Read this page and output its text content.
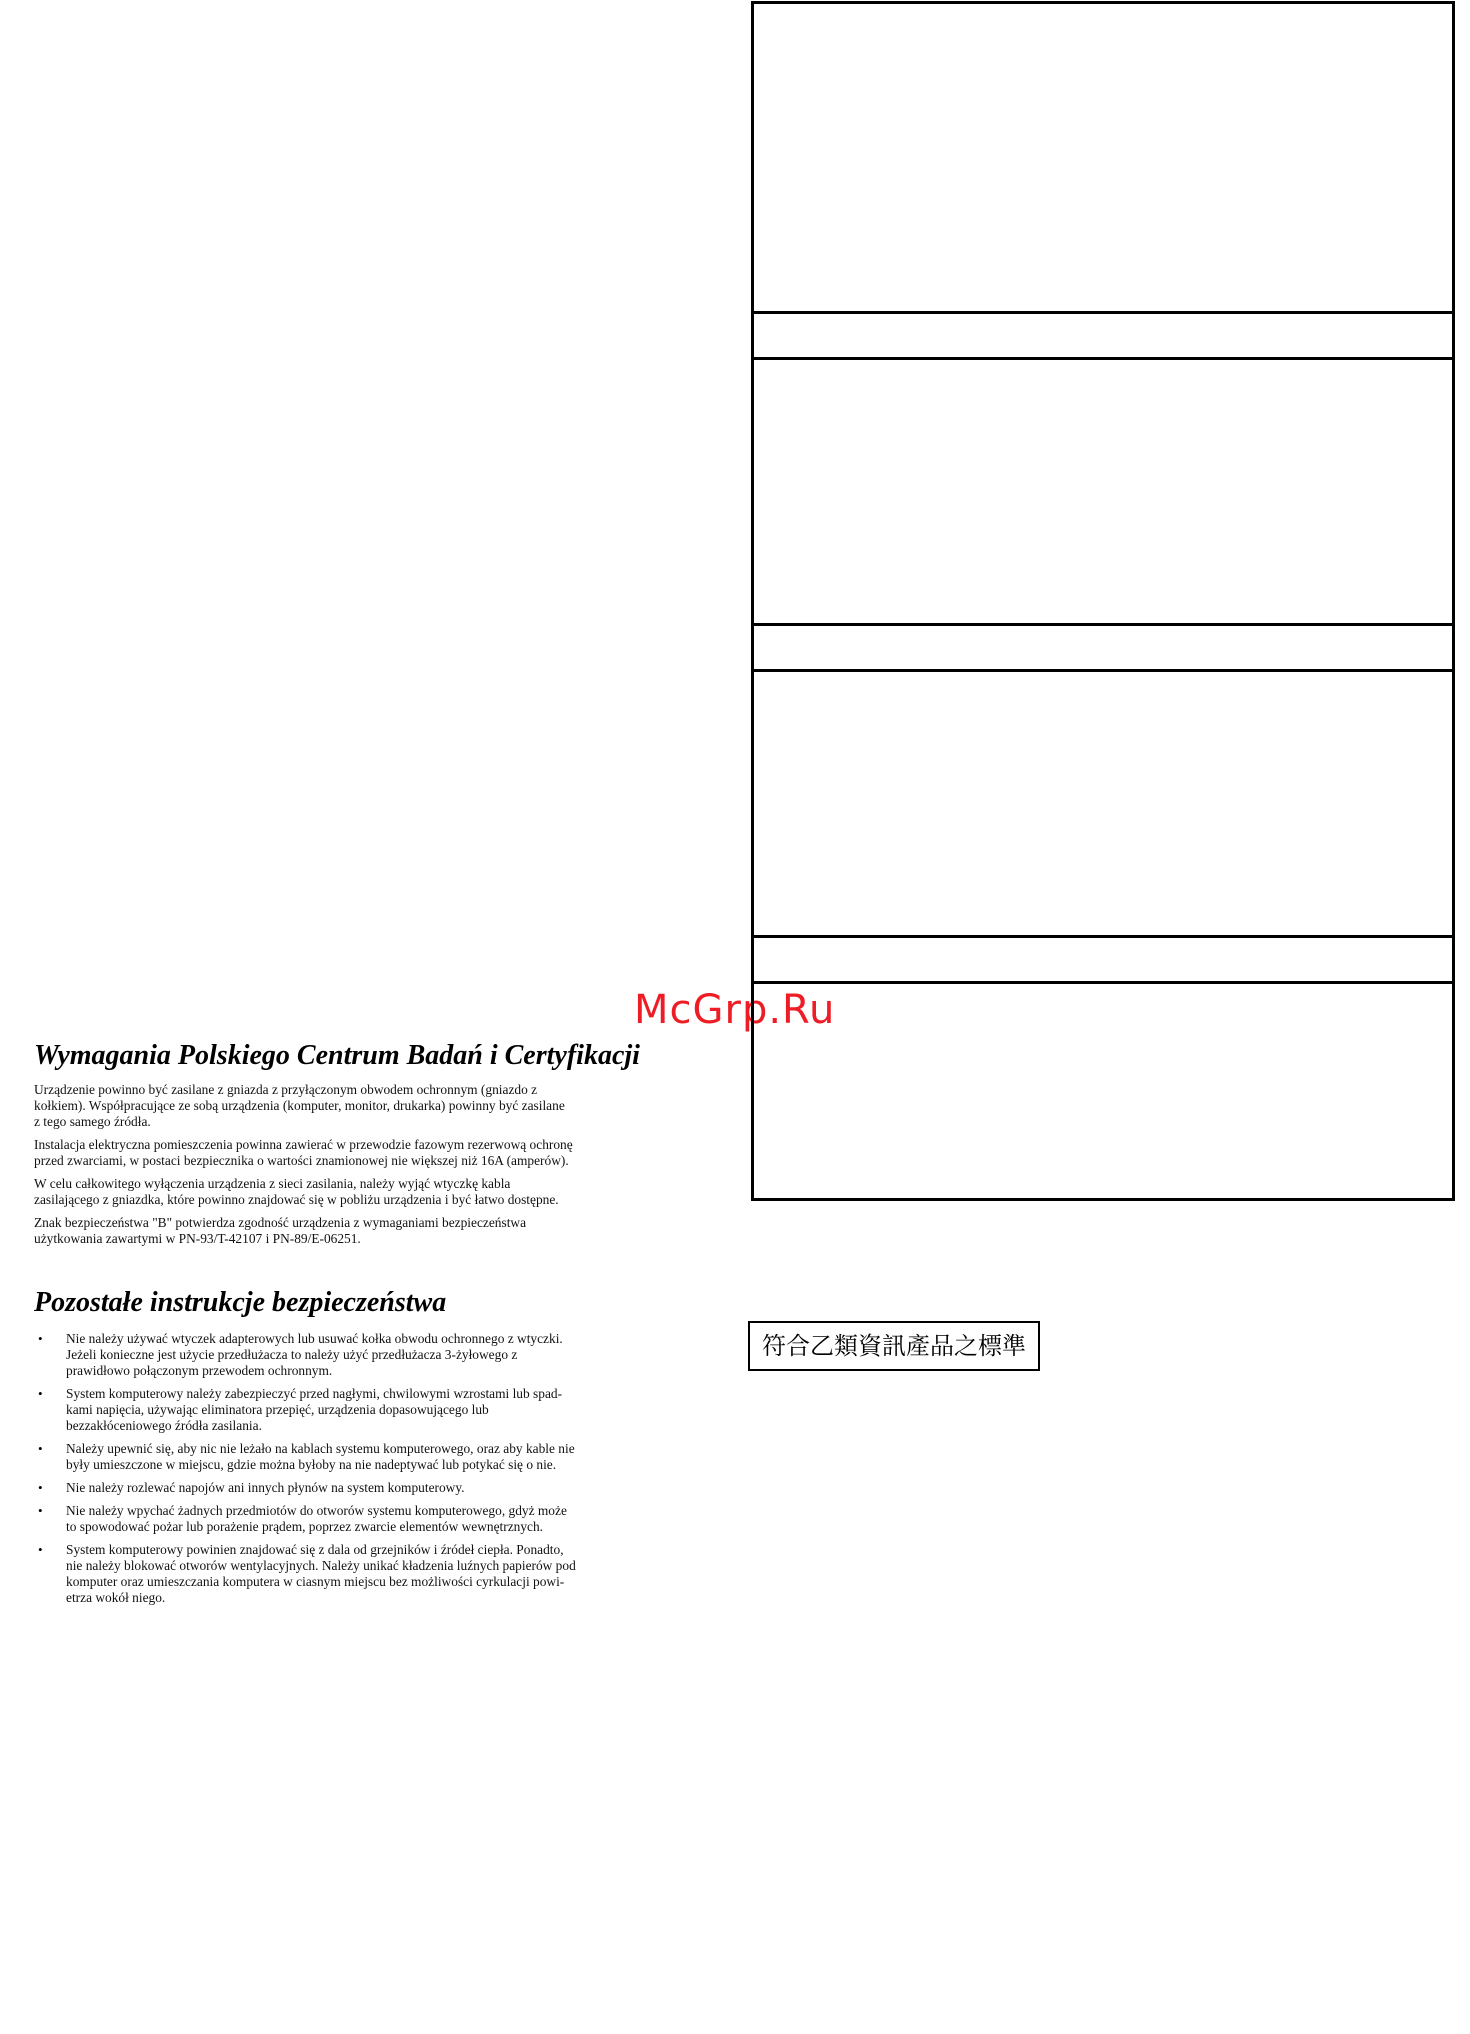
McGrp.Ru
Wymagania Polskiego Centrum Badań i Certyfikacji

Urządzenie powinno być zasilane z gniazda z przyłączonym obwodem ochronnym (gniazdo z
kołkiem). Współpracujące ze sobą urządzenia (komputer, monitor, drukarka) powinny być zasilane
z tego samego źródła.

Instalacja elektryczna pomieszczenia powinna zawierać w przewodzie fazowym rezerwową ochronę
przed zwarciami, w postaci bezpiecznika o wartości znamionowej nie większej niż 16A (amperów).

W celu całkowitego wyłączenia urządzenia z sieci zasilania, należy wyjąć wtyczkę kabla
zasilającego z gniazdka, które powinno znajdować się w pobliżu urządzenia i być łatwo dostępne.

Znak bezpieczeństwa "B" potwierdza zgodność urządzenia z wymaganiami bezpieczeństwa
użytkowania zawartymi w PN-93/T-42107 i PN-89/E-06251.

Pozostałe instrukcje bezpieczeństwa
• Nie należy używać wtyczek adapterowych lub usuwać kołka obwodu ochronnego z wtyczki.
Jeżeli konieczne jest użycie przedłużacza to należy użyć przedłużacza 3-żyłowego z
prawidłowo połączonym przewodem ochronnym.

• System komputerowy należy zabezpieczyć przed nagłymi, chwilowymi wzrostami lub spad-
kami napięcia, używając eliminatora przepięć, urządzenia dopasowującego lub
bezzakłóceniowego źródła zasilania.

• Należy upewnić się, aby nic nie leżało na kablach systemu komputerowego, oraz aby kable nie
były umieszczone w miejscu, gdzie można byłoby na nie nadeptywać lub potykać się o nie.

• Nie należy rozlewać napojów ani innych płynów na system komputerowy.

• Nie należy wpychać żadnych przedmiotów do otworów systemu komputerowego, gdyż może
to spowodować pożar lub porażenie prądem, poprzez zwarcie elementów wewnętrznych.

• System komputerowy powinien znajdować się z dala od grzejników i źródeł ciepła. Ponadto,
nie należy blokować otworów wentylacyjnych. Należy unikać kładzenia luźnych papierów pod
komputer oraz umieszczania komputera w ciasnym miejscu bez możliwości cyrkulacji powi-
etrza wokół niego.

符合乙類資訊產品之標準
